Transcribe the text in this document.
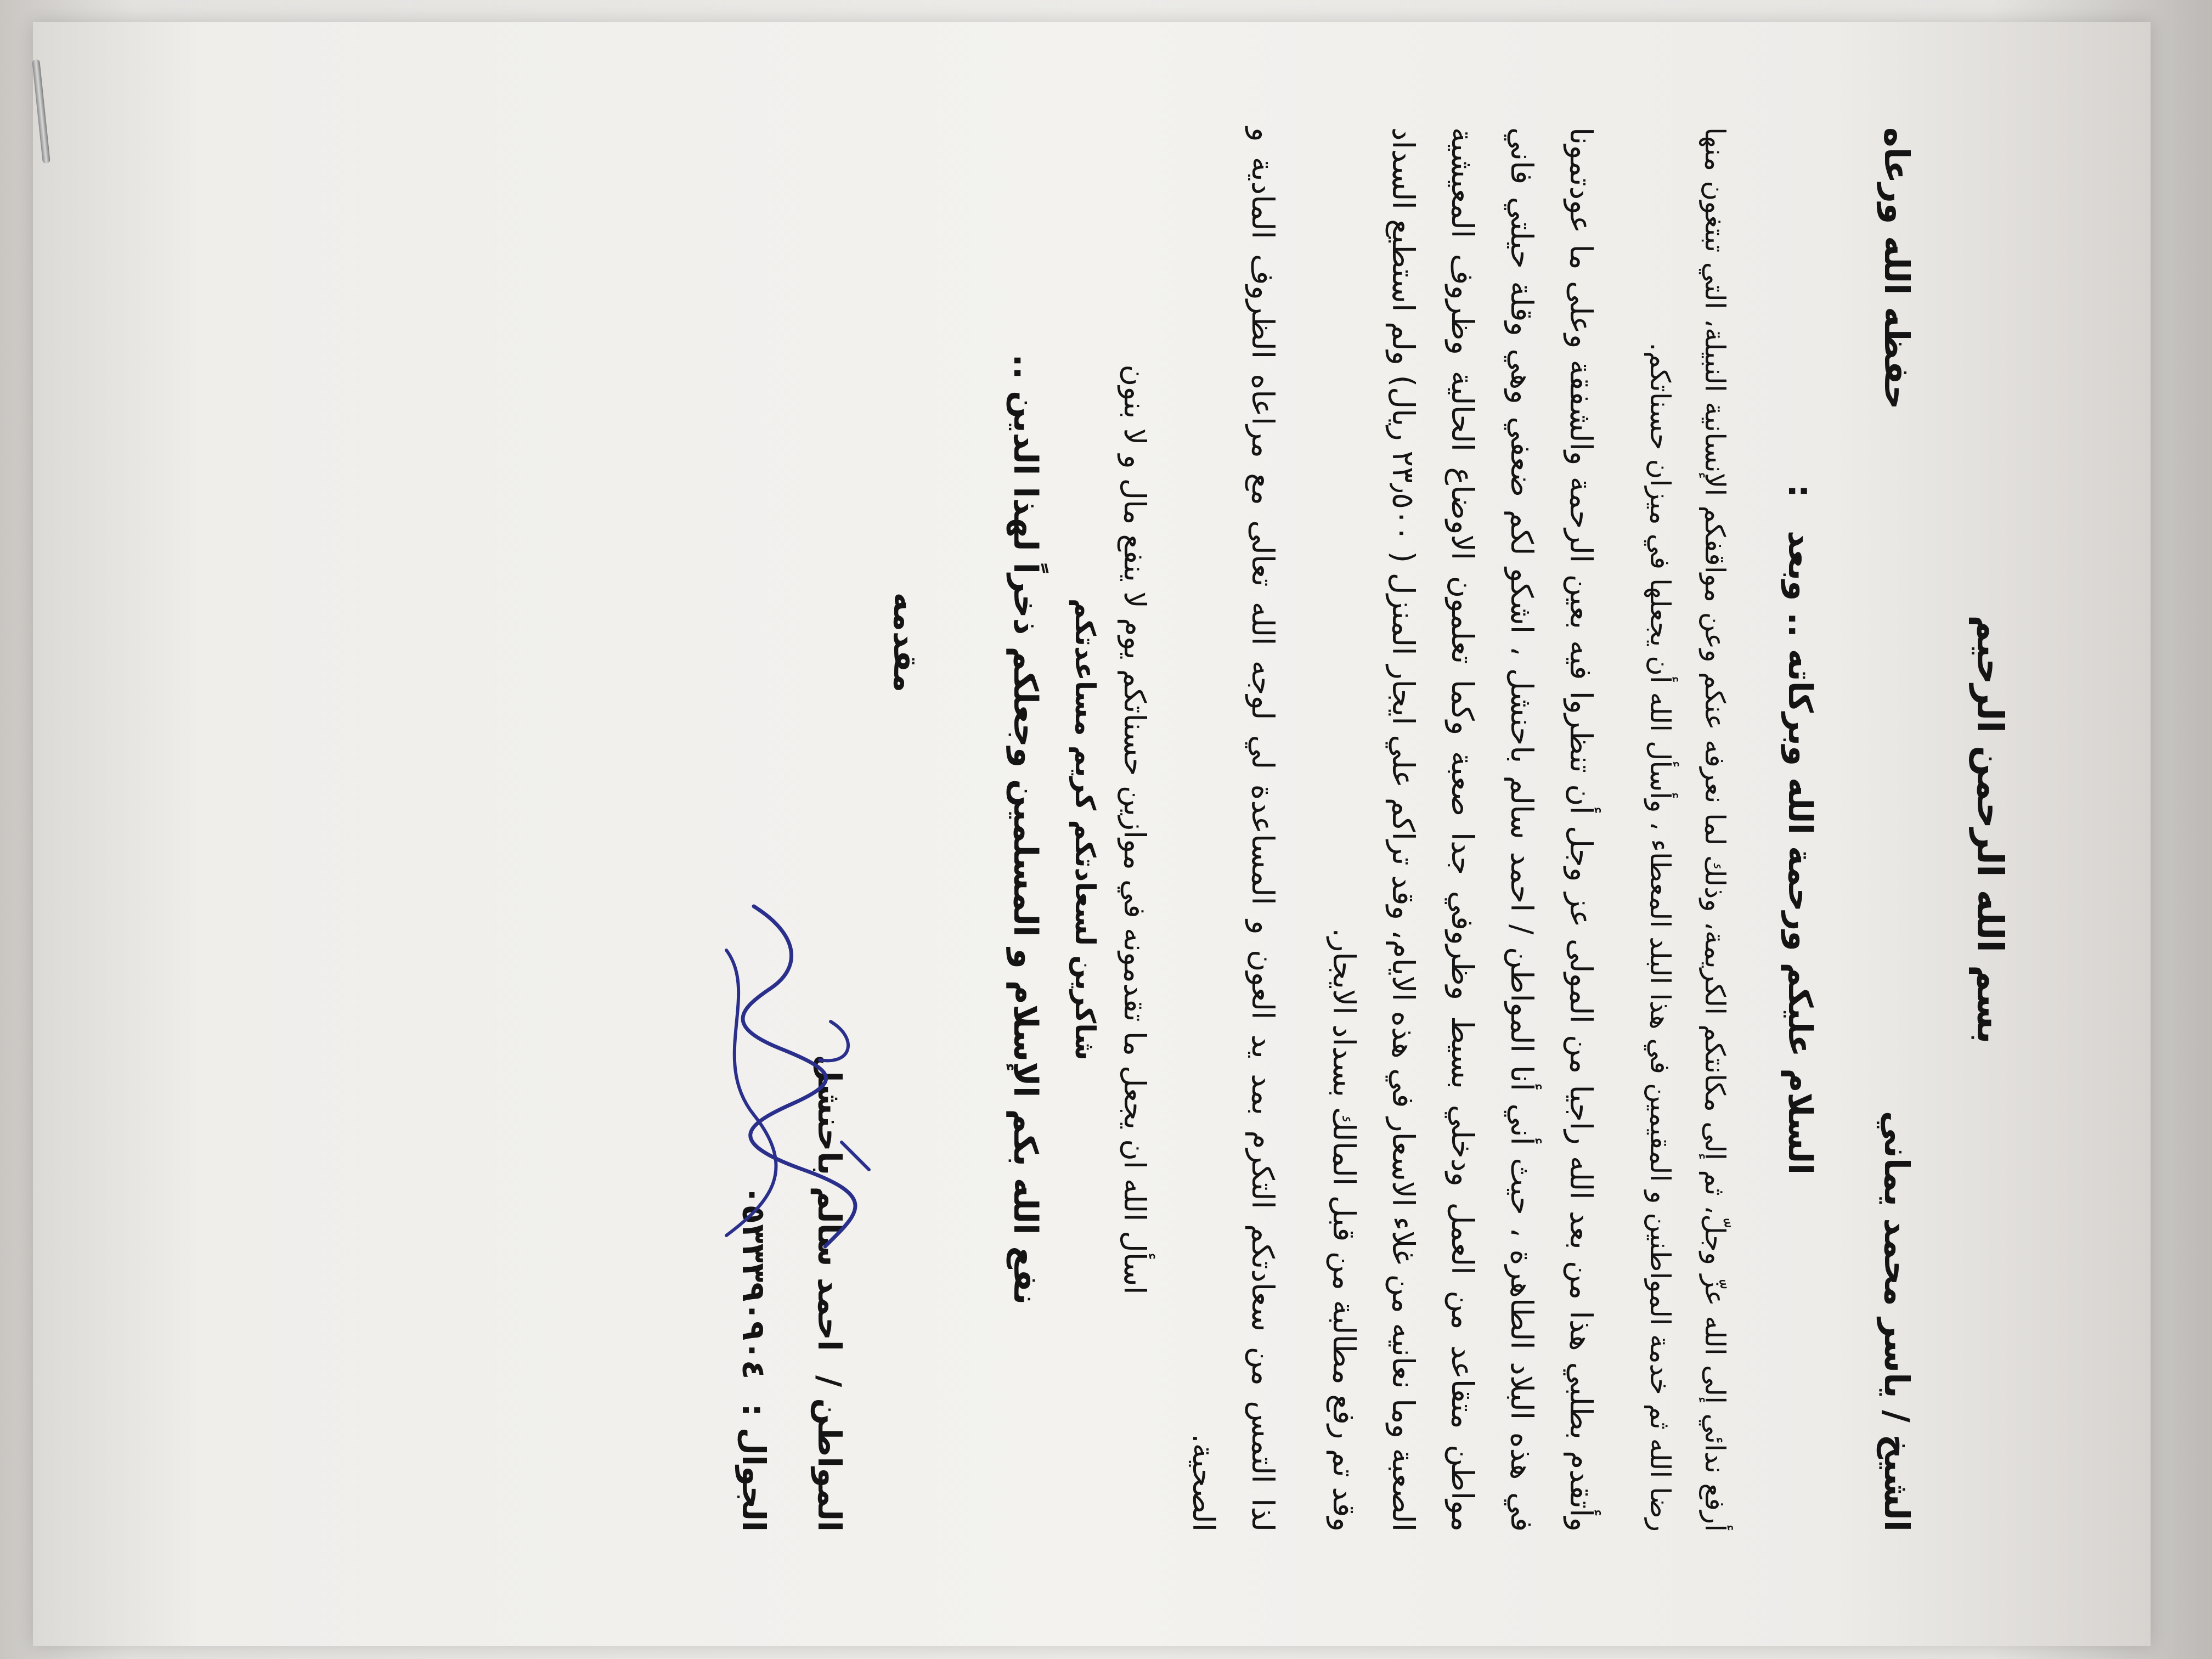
بسم الله الرحمن الرحيم
الشيخ / ياسر محمد يماني
حفظه الله ورعاه
السلام عليكم ورحمة الله وبركاته .. وبعد
:

أرفع ندائي إلى الله عزّ وجلّ، ثم إلى مكانتكم الكريمة، وذلك لما نعرفه عنكم وعن مواقفكم الإنسانية النبيلة، التي تبتغون منها رضا الله ثم خدمة المواطنين و المقيمين في هذا البلد المعطاء ، وأسأل الله أن يجعلها في ميزان حسناتكم.

وأتقدم بطلبي هذا من بعد الله راجيا من المولى عز وجل أن تنظروا فيه بعين الرحمة والشفقة وعلى ما عودتمونا في هذه البلاد الطاهرة ، حيث أني أنا المواطن / احمد سالم باحنشل ، اشكو لكم ضعفي وهي وقلة حيلتي فاني مواطن متقاعد من العمل ودخلي بسيط وظروفي جدا صعبة وكما تعلمون الاوضاع الحالية وظروف المعيشية الصعبة وما نعانيه من غلاء الاسعار في هذه الايام، وقد تراكم علي ايجار المنزل ( ٢٣٫٥٠٠ ريال) ولم استطيع السداد وقد تم رفع مطالبة من قبل المالك بسداد الايجار.

لذا التمس من سعادتكم التكرم بمد يد العون و المساعدة لي لوجه الله تعالى مع مراعاه الظروف المادية و الصحية.

اسأل الله ان يجعل ما تقدمونه في موازين حسناتكم يوم لا ينفع مال و لا بنون
شاكرين لسعادتكم كريم مساعدتكم
نفع الله بكم الإسلام و المسلمين وجعلكم ذخراً لهذا الدين ..
مقدمه
المواطن / احمد سالم باحنشل
الجوال : ٠٥٣٣٣٩٠٩٠٤
